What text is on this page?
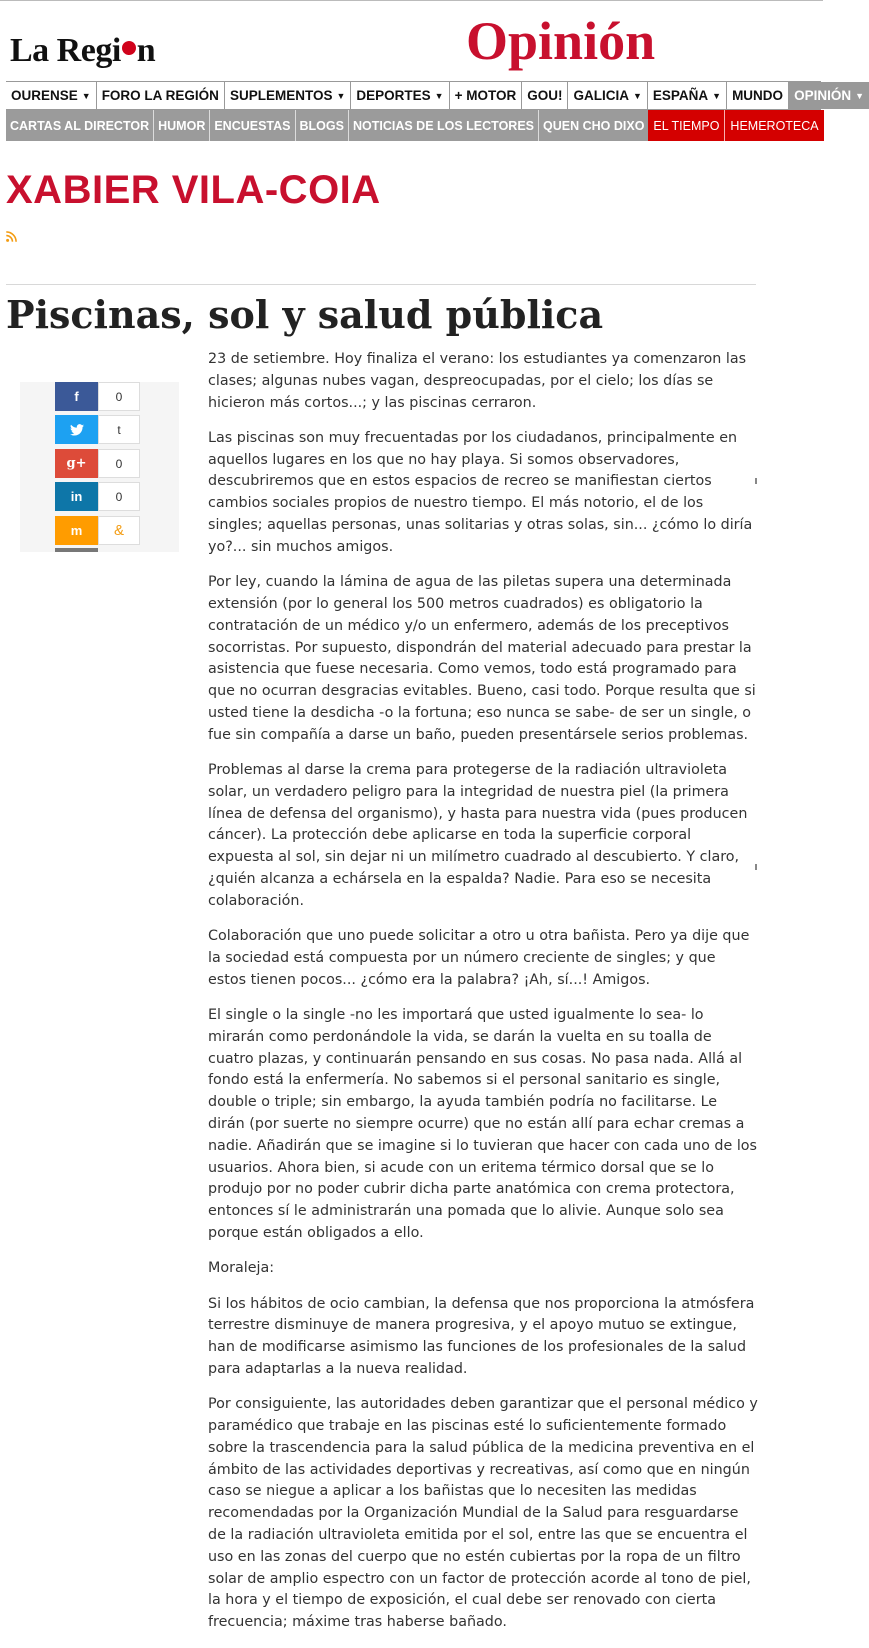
La Regi n	Opinión
OURENSE ▼ FORO LA REGIÓN SUPLEMENTOS ▼ DEPORTES ▼ + MOTOR GOU! GALICIA ▼ ESPAÑA ▼ MUNDO OPINIÓN ▼
CARTAS AL DIRECTOR HUMOR ENCUESTAS BLOGS NOTICIAS DE LOS LECTORES QUEN CHO DIXO EL TIEMPO HEMEROTECA
XABIER VILA-COIA
Piscinas, sol y salud pública
f	0
t
g+	0
in	0
m	&

23 de setiembre. Hoy finaliza el verano: los estudiantes ya comenzaron las clases; algunas nubes vagan, despreocupadas, por el cielo; los días se hicieron más cortos...; y las piscinas cerraron.

Las piscinas son muy frecuentadas por los ciudadanos, principalmente en aquellos lugares en los que no hay playa. Si somos observadores, descubriremos que en estos espacios de recreo se manifiestan ciertos cambios sociales propios de nuestro tiempo. El más notorio, el de los singles; aquellas personas, unas solitarias y otras solas, sin... ¿cómo lo diría yo?... sin muchos amigos.

Por ley, cuando la lámina de agua de las piletas supera una determinada extensión (por lo general los 500 metros cuadrados) es obligatorio la contratación de un médico y/o un enfermero, además de los preceptivos socorristas. Por supuesto, dispondrán del material adecuado para prestar la asistencia que fuese necesaria. Como vemos, todo está programado para que no ocurran desgracias evitables. Bueno, casi todo. Porque resulta que si usted tiene la desdicha -o la fortuna; eso nunca se sabe- de ser un single, o fue sin compañía a darse un baño, pueden presentársele serios problemas.

Problemas al darse la crema para protegerse de la radiación ultravioleta solar, un verdadero peligro para la integridad de nuestra piel (la primera línea de defensa del organismo), y hasta para nuestra vida (pues producen cáncer). La protección debe aplicarse en toda la superficie corporal expuesta al sol, sin dejar ni un milímetro cuadrado al descubierto. Y claro, ¿quién alcanza a echársela en la espalda? Nadie. Para eso se necesita colaboración.

Colaboración que uno puede solicitar a otro u otra bañista. Pero ya dije que la sociedad está compuesta por un número creciente de singles; y que estos tienen pocos... ¿cómo era la palabra? ¡Ah, sí...! Amigos.

El single o la single -no les importará que usted igualmente lo sea- lo mirarán como perdonándole la vida, se darán la vuelta en su toalla de cuatro plazas, y continuarán pensando en sus cosas. No pasa nada. Allá al fondo está la enfermería. No sabemos si el personal sanitario es single, double o triple; sin embargo, la ayuda también podría no facilitarse. Le dirán (por suerte no siempre ocurre) que no están allí para echar cremas a nadie. Añadirán que se imagine si lo tuvieran que hacer con cada uno de los usuarios. Ahora bien, si acude con un eritema térmico dorsal que se lo produjo por no poder cubrir dicha parte anatómica con crema protectora, entonces sí le administrarán una pomada que lo alivie. Aunque solo sea porque están obligados a ello.

Moraleja:

Si los hábitos de ocio cambian, la defensa que nos proporciona la atmósfera terrestre disminuye de manera progresiva, y el apoyo mutuo se extingue, han de modificarse asimismo las funciones de los profesionales de la salud para adaptarlas a la nueva realidad.

Por consiguiente, las autoridades deben garantizar que el personal médico y paramédico que trabaje en las piscinas esté lo suficientemente formado sobre la trascendencia para la salud pública de la medicina preventiva en el ámbito de las actividades deportivas y recreativas, así como que en ningún caso se niegue a aplicar a los bañistas que lo necesiten las medidas recomendadas por la Organización Mundial de la Salud para resguardarse de la radiación ultravioleta emitida por el sol, entre las que se encuentra el uso en las zonas del cuerpo que no estén cubiertas por la ropa de un filtro solar de amplio espectro con un factor de protección acorde al tono de piel, la hora y el tiempo de exposición, el cual debe ser renovado con cierta frecuencia; máxime tras haberse bañado.
